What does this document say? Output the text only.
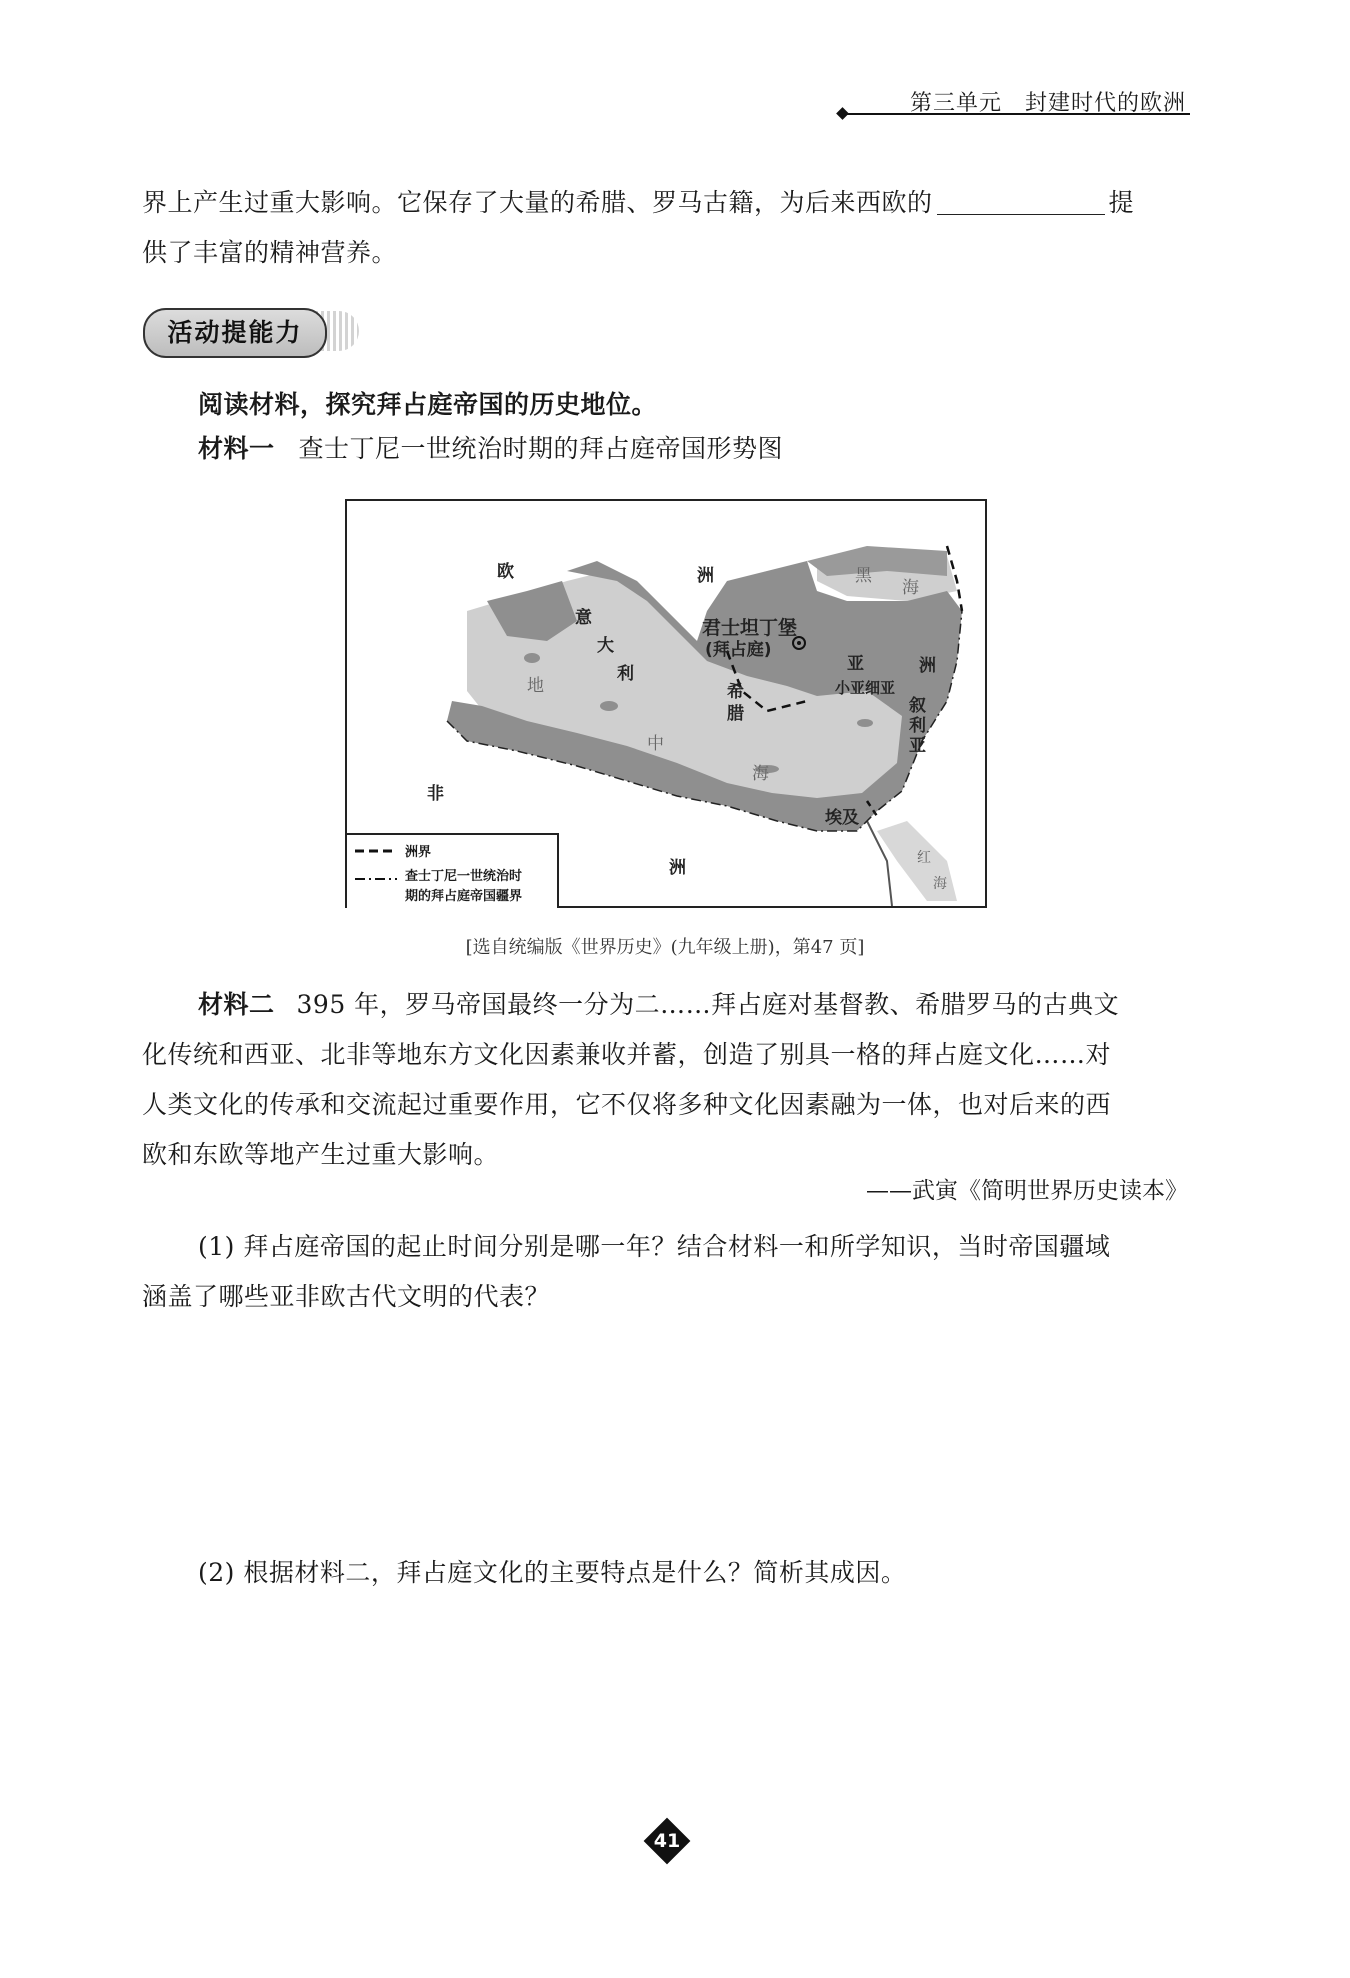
第三单元　封建时代的欧洲
界上产生过重大影响。它保存了大量的希腊、罗马古籍，为后来西欧的	提
供了丰富的精神营养。
活动提能力
阅读材料，探究拜占庭帝国的历史地位。
材料一 查士丁尼一世统治时期的拜占庭帝国形势图
欧	洲
意
大
利
君士坦丁堡
(拜占庭)
亚	洲
小亚细亚
希
腊	叙
利
亚
非
洲
埃及
地
中
海
黑
海
红
海
洲界
查士丁尼一世统治时
期的拜占庭帝国疆界
[选自统编版《世界历史》(九年级上册)，第47 页]
材料二 395 年，罗马帝国最终一分为二……拜占庭对基督教、希腊罗马的古典文
化传统和西亚、北非等地东方文化因素兼收并蓄，创造了别具一格的拜占庭文化……对
人类文化的传承和交流起过重要作用，它不仅将多种文化因素融为一体，也对后来的西
欧和东欧等地产生过重大影响。
——武寅《简明世界历史读本》
(1) 拜占庭帝国的起止时间分别是哪一年？结合材料一和所学知识，当时帝国疆域
涵盖了哪些亚非欧古代文明的代表？
(2) 根据材料二，拜占庭文化的主要特点是什么？简析其成因。
41
